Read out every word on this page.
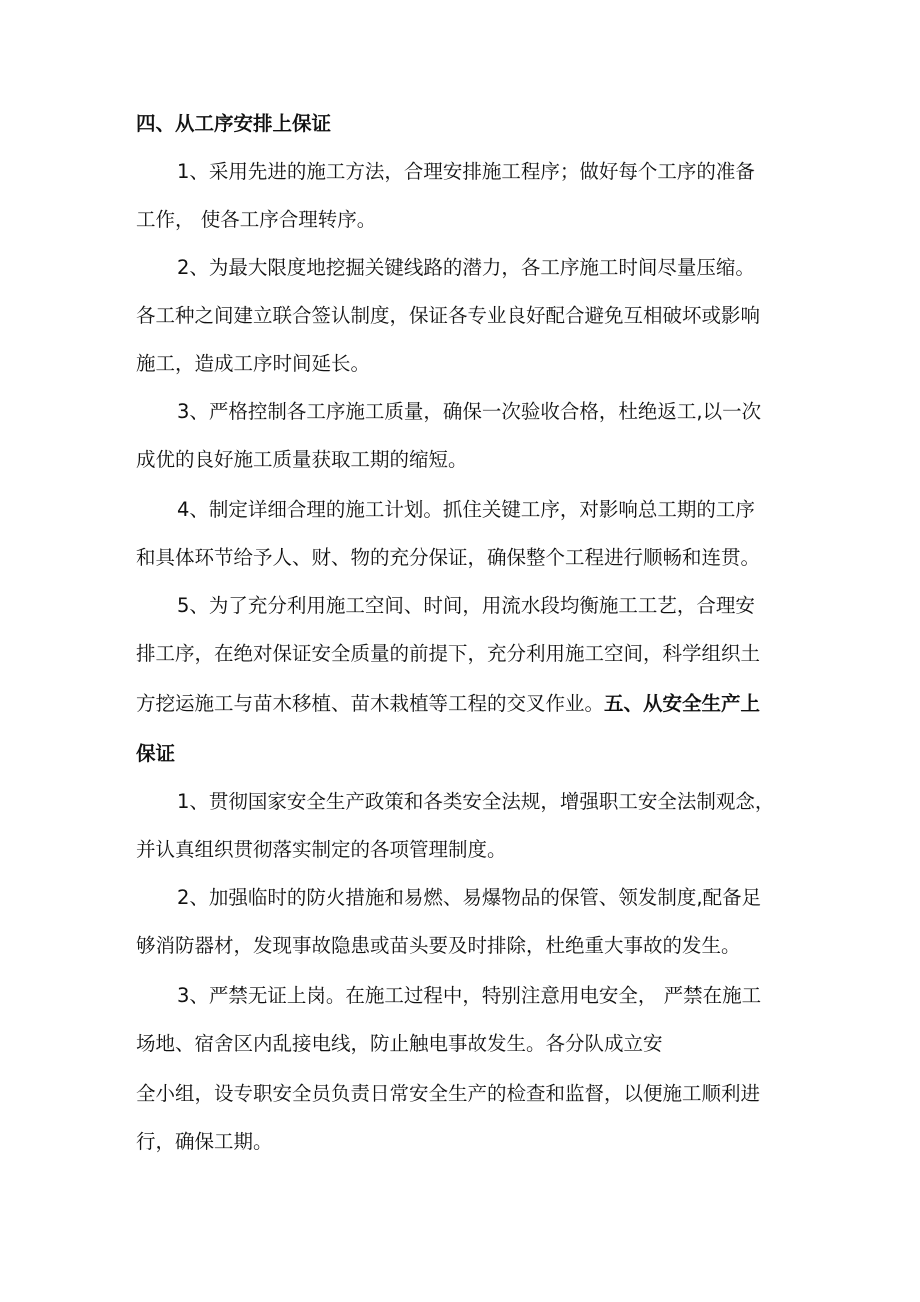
四、从工序安排上保证
1、采用先进的施工方法，合理安排施工程序；做好每个工序的准备
工作， 使各工序合理转序。
2、为最大限度地挖掘关键线路的潜力，各工序施工时间尽量压缩。
各工种之间建立联合签认制度，保证各专业良好配合避免互相破坏或影响
施工，造成工序时间延长。
3、严格控制各工序施工质量，确保一次验收合格，杜绝返工,以一次
成优的良好施工质量获取工期的缩短。
4、制定详细合理的施工计划。抓住关键工序，对影响总工期的工序
和具体环节给予人、财、物的充分保证，确保整个工程进行顺畅和连贯。
5、为了充分利用施工空间、时间，用流水段均衡施工工艺，合理安
排工序，在绝对保证安全质量的前提下，充分利用施工空间，科学组织土
方挖运施工与苗木移植、苗木栽植等工程的交叉作业。五、从安全生产上
保证
1、贯彻国家安全生产政策和各类安全法规，增强职工安全法制观念，
并认真组织贯彻落实制定的各项管理制度。
2、加强临时的防火措施和易燃、易爆物品的保管、领发制度,配备足
够消防器材，发现事故隐患或苗头要及时排除，杜绝重大事故的发生。
3、严禁无证上岗。在施工过程中，特别注意用电安全， 严禁在施工
场地、宿舍区内乱接电线，防止触电事故发生。各分队成立安
全小组，设专职安全员负责日常安全生产的检查和监督，以便施工顺利进
行，确保工期。
